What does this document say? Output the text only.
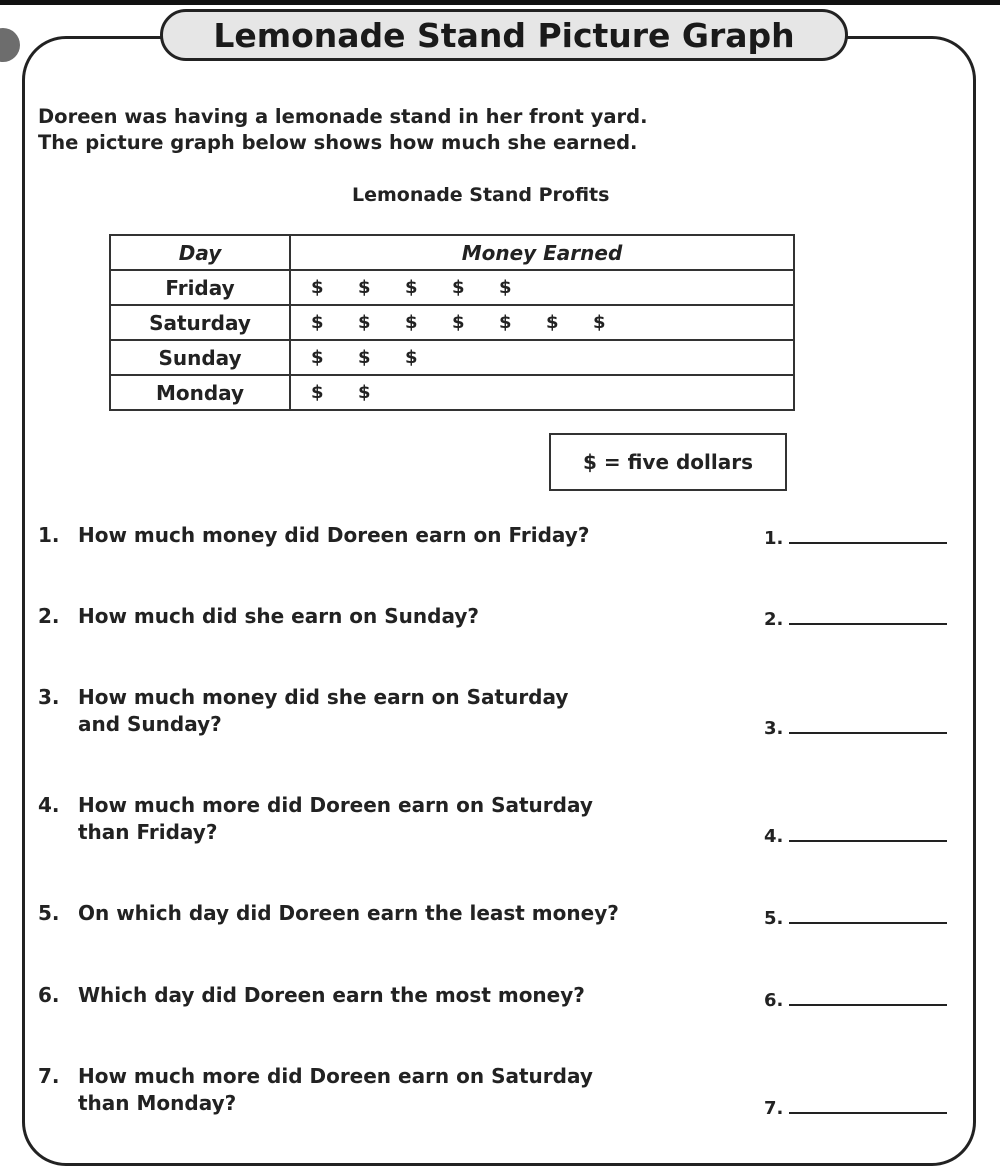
Lemonade Stand Picture Graph
Doreen was having a lemonade stand in her front yard.
The picture graph below shows how much she earned.
Lemonade Stand Profits
Day	Money Earned
Friday	$ $ $ $ $
Saturday	$ $ $ $ $ $ $
Sunday	$ $ $
Monday	$ $
$ = five dollars
1. How much money did Doreen earn on Friday?	1.
2. How much did she earn on Sunday?	2.
3. How much money did she earn on Saturday
and Sunday?	3.
4. How much more did Doreen earn on Saturday
than Friday?	4.
5. On which day did Doreen earn the least money?	5.
6. Which day did Doreen earn the most money?	6.
7. How much more did Doreen earn on Saturday
than Monday?	7.
